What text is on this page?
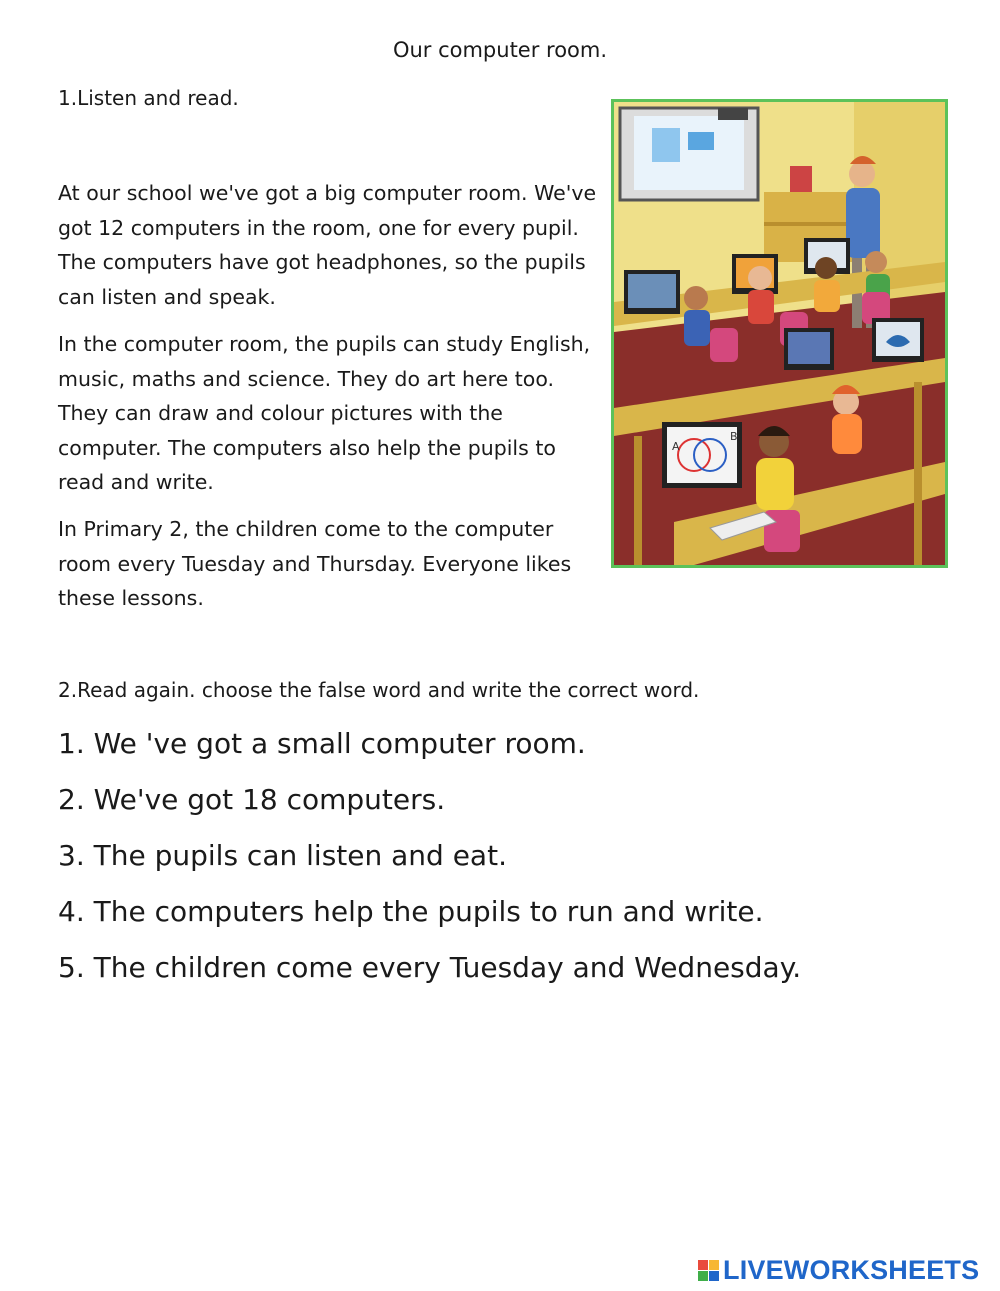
Our computer room.
1.Listen and read.

At our school we've got a big computer room. We've got 12 computers in the room, one for every pupil. The computers have got headphones, so the pupils can listen and speak.

In the computer room, the pupils can study English, music, maths and science. They do art here too. They can draw and colour pictures with the computer. The computers also help the pupils to read and write.

In Primary 2, the children come to the computer room every Tuesday and Thursday. Everyone likes these lessons.

A
B
2.Read again. choose the false word and write the correct word.
1. We 've got a small computer room.
2. We've got 18 computers.
3. The pupils can listen and eat.
4. The computers help the pupils to run and write.
5. The children come every Tuesday and Wednesday.
LIVEWORKSHEETS
